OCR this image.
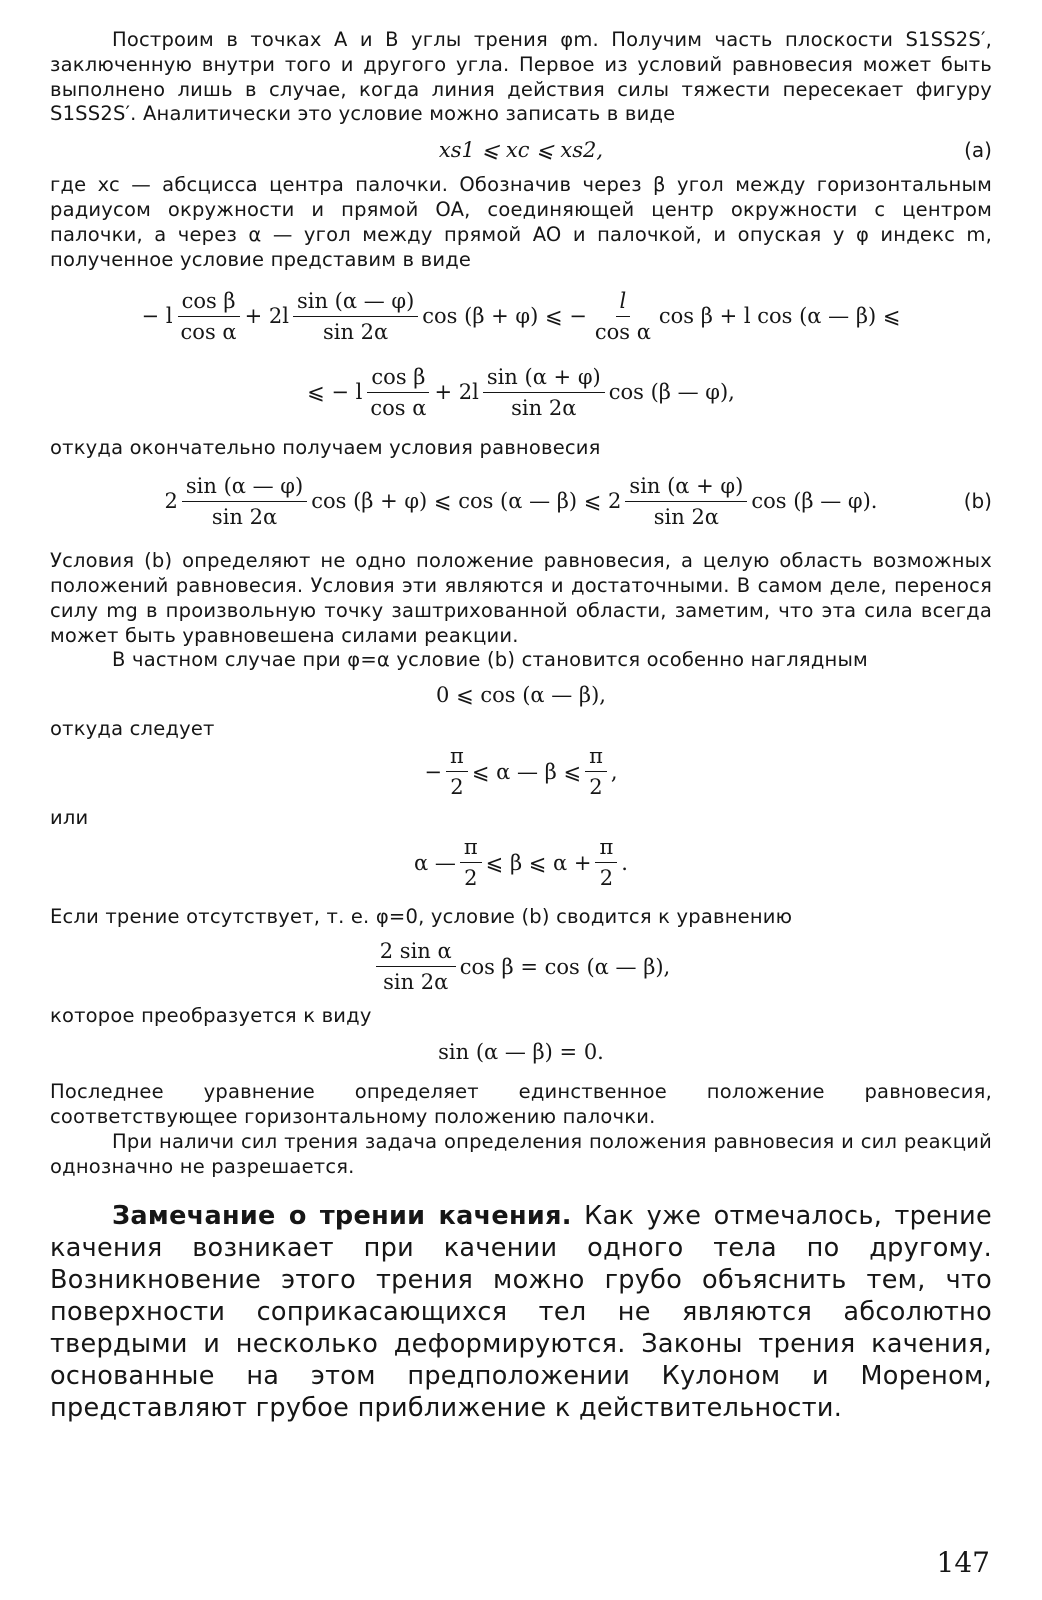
Построим в точках A и B углы трения φm. Получим часть плоскости S1SS2S′, заключенную внутри того и другого угла. Первое из условий равновесия может быть выполнено лишь в случае, когда линия действия силы тяжести пересекает фигуру S1SS2S′. Аналитически это условие можно записать в виде

xs1 ⩽ xc ⩽ xs2,	(a)

где xc — абсцисса центра палочки. Обозначив через β угол между горизонтальным радиусом окружности и прямой OA, соединяющей центр окружности с центром палочки, а через α — угол между прямой AO и палочкой, и опуская у φ индекс m, полученное условие представим в виде

− l $\frac{\text{cos β}}{\text{cos α}} + 2l \frac{\sin (\alpha — \varphi)}{\sin 2\alpha}$ cos (β + φ) ⩽ − $\frac{l}{\text{cos α}}$ cos β + l cos (α — β) ⩽
⩽ − l $\frac{\text{cos β}}{\text{cos α}} + 2l \frac{\sin (\alpha + \varphi)}{\sin 2\alpha}$ cos (β — φ),

откуда окончательно получаем условия равновесия

$2 \frac{\sin (\alpha — \varphi)}{\sin 2\alpha}$ cos (β + φ) ⩽ cos (α — β) ⩽ $2 \frac{\sin (\alpha + \varphi)}{\sin 2\alpha}$ cos (β — φ).	(b)

Условия (b) определяют не одно положение равновесия, а целую область возможных положений равновесия. Условия эти являются и достаточными. В самом деле, перенося силу mg в произвольную точку заштрихованной области, заметим, что эта сила всегда может быть уравновешена силами реакции.

В частном случае при φ=α условие (b) становится особенно наглядным

0 ⩽ cos (α — β),

откуда следует

− $\frac{\pi}{2}$ ⩽ α — β ⩽ $\frac{\pi}{2}$ ,

или

α — $\frac{\pi}{2}$ ⩽ β ⩽ $\alpha + \frac{\pi}{2}$ .

Если трение отсутствует, т. е. φ=0, условие (b) сводится к уравнению

$\frac{\text{2 sin α}}{\sin 2\alpha}$ cos β = cos (α — β),

которое преобразуется к виду

sin (α — β) = 0.

Последнее уравнение определяет единственное положение равновесия, соответствующее горизонтальному положению палочки.

При наличи сил трения задача определения положения равновесия и сил реакций однозначно не разрешается.

Замечание о трении качения. Как уже отмечалось, трение качения возникает при качении одного тела по другому. Возникновение этого трения можно грубо объяснить тем, что поверхности соприкасающихся тел не являются абсолютно твердыми и несколько деформируются. Законы трения качения, основанные на этом предположении Кулоном и Мореном, представляют грубое приближение к действительности.

147
